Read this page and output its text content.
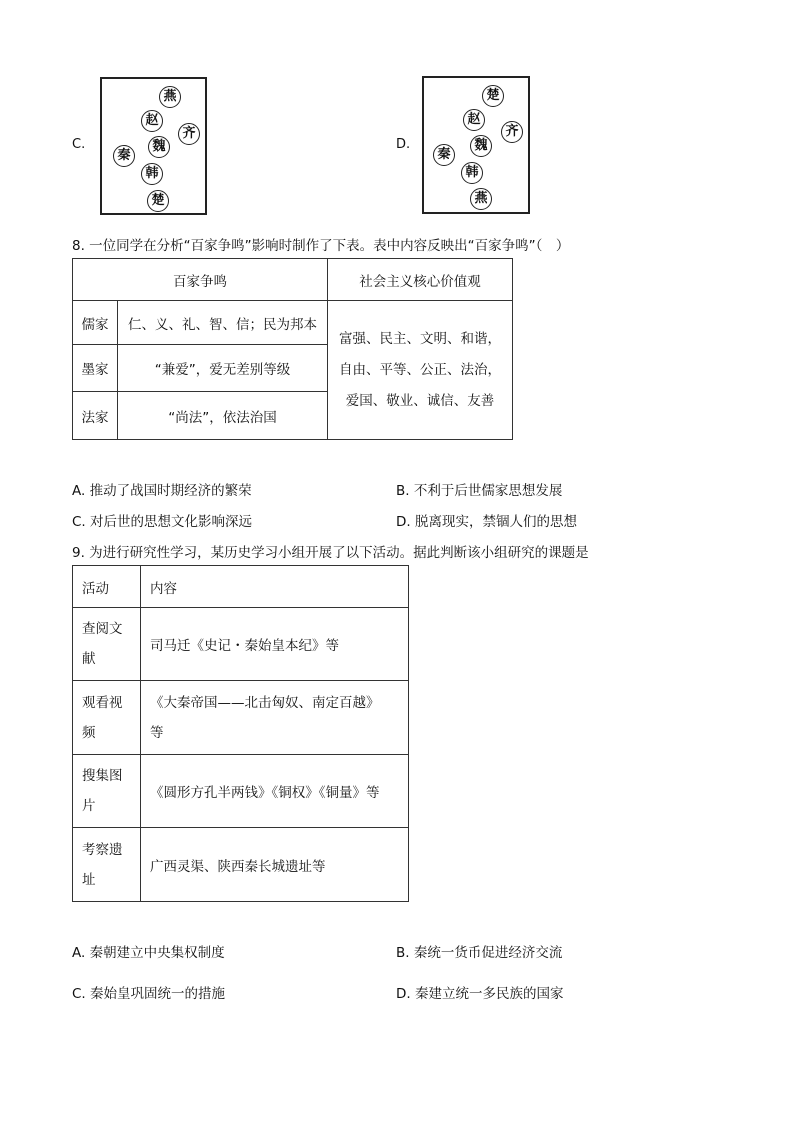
C.
燕
赵
齐
秦
魏
韩
楚
D.
楚
赵
齐
秦
魏
韩
燕
8. 一位同学在分析“百家争鸣”影响时制作了下表。表中内容反映出“百家争鸣”（　）
百家争鸣		社会主义核心价值观
儒家	仁、义、礼、智、信；民为邦本	富强、民主、文明、和谐，
自由、平等、公正、法治，
爱国、敬业、诚信、友善

墨家	“兼爱”，爱无差别等级	
法家	“尚法”，依法治国	
A. 推动了战国时期经济的繁荣	B. 不利于后世儒家思想发展
C. 对后世的思想文化影响深远	D. 脱离现实，禁锢人们的思想
9. 为进行研究性学习，某历史学习小组开展了以下活动。据此判断该小组研究的课题是
活动	内容

查阅文
献	司马迁《史记・秦始皇本纪》等

观看视
频	《大秦帝国——北击匈奴、南定百越》
等

搜集图
片	《圆形方孔半两钱》《铜权》《铜量》等

考察遗
址	广西灵渠、陕西秦长城遗址等
A. 秦朝建立中央集权制度	B. 秦统一货币促进经济交流
C. 秦始皇巩固统一的措施	D. 秦建立统一多民族的国家
